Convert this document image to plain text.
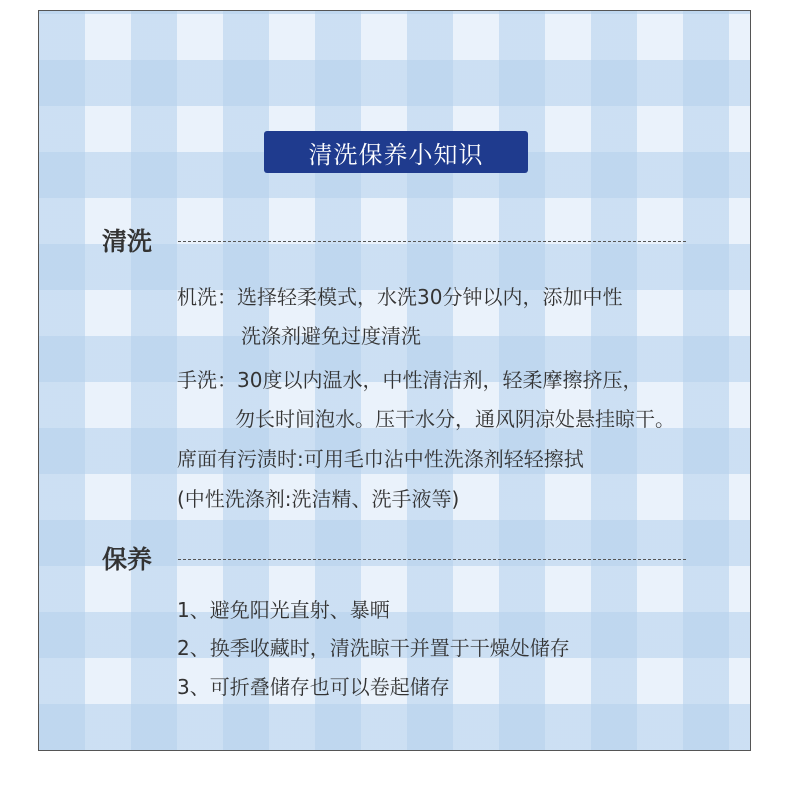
清洗保养小知识
清洗
机洗：选择轻柔模式，水洗30分钟以内，添加中性
洗涤剂避免过度清洗
手洗：30度以内温水，中性清洁剂，轻柔摩擦挤压，
勿长时间泡水。压干水分，通风阴凉处悬挂晾干。
席面有污渍时:可用毛巾沾中性洗涤剂轻轻擦拭
(中性洗涤剂:洗洁精、洗手液等)
保养
1、避免阳光直射、暴晒
2、换季收藏时，清洗晾干并置于干燥处储存
3、可折叠储存也可以卷起储存
